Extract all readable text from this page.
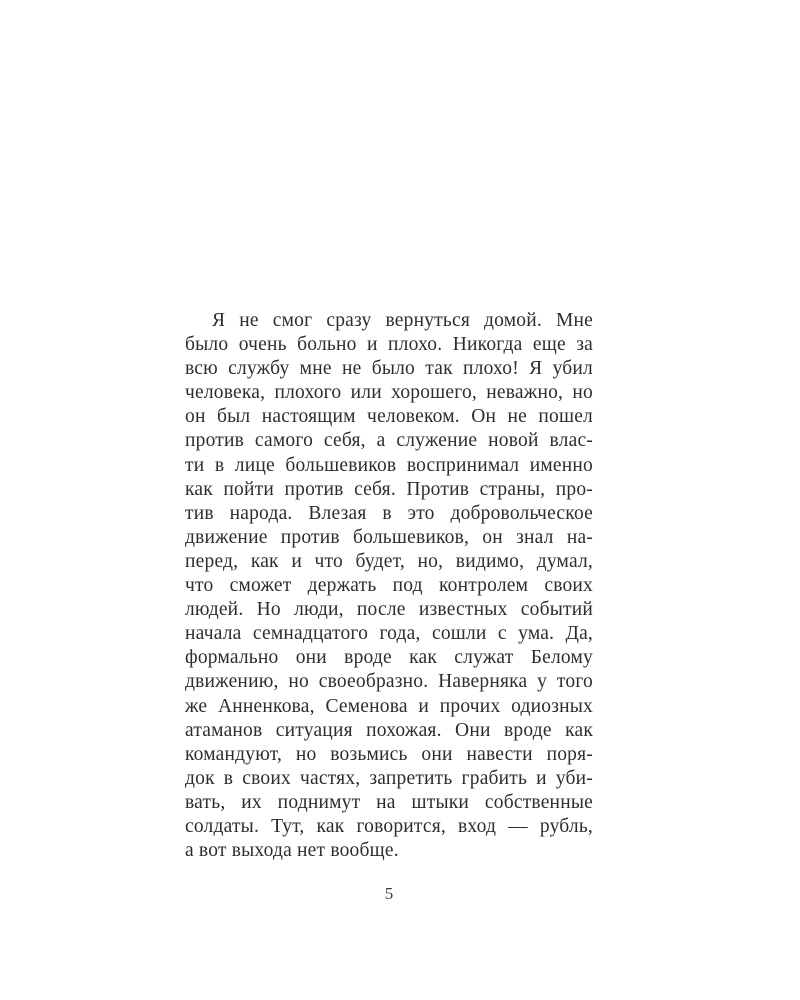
Я не смог сразу вернуться домой. Мне
было очень больно и плохо. Никогда еще за
всю службу мне не было так плохо! Я убил
человека, плохого или хорошего, неважно, но
он был настоящим человеком. Он не пошел
против самого себя, а служение новой влас-
ти в лице большевиков воспринимал именно
как пойти против себя. Против страны, про-
тив народа. Влезая в это добровольческое
движение против большевиков, он знал на-
перед, как и что будет, но, видимо, думал,
что сможет держать под контролем своих
людей. Но люди, после известных событий
начала семнадцатого года, сошли с ума. Да,
формально они вроде как служат Белому
движению, но своеобразно. Наверняка у того
же Анненкова, Семенова и прочих одиозных
атаманов ситуация похожая. Они вроде как
командуют, но возьмись они навести поря-
док в своих частях, запретить грабить и уби-
вать, их поднимут на штыки собственные
солдаты. Тут, как говорится, вход — рубль,
а вот выхода нет вообще.
5
